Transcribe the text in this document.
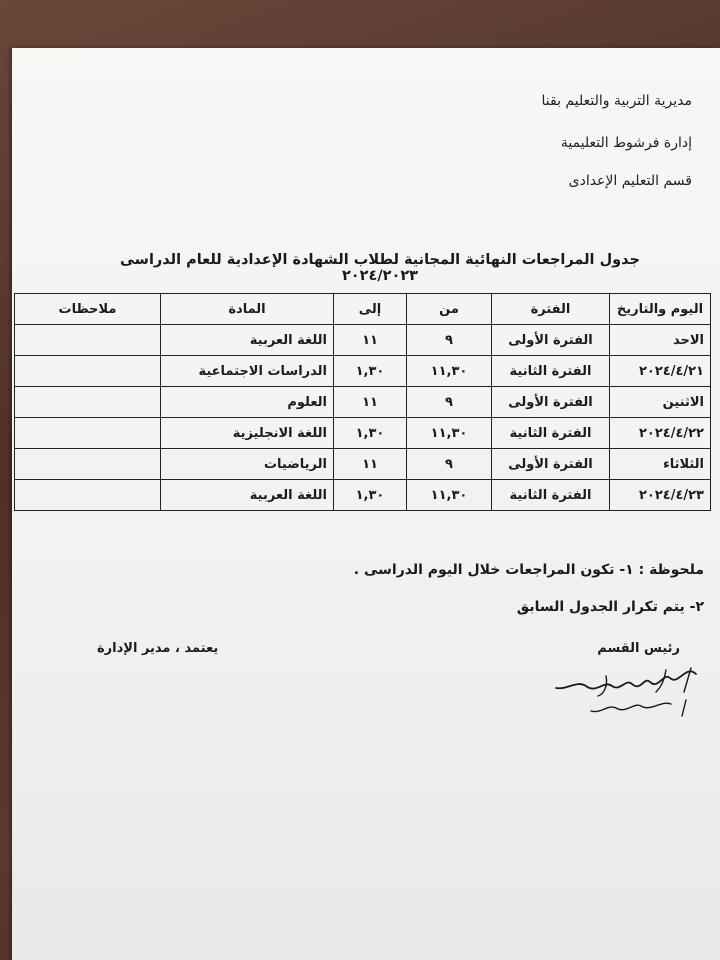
مديرية التربية والتعليم بقنا
إدارة فرشوط التعليمية
قسم التعليم الإعدادى
جدول المراجعات النهائية المجانية لطلاب الشهادة الإعدادية للعام الدراسى ٢٠٢٤/٢٠٢٣
اليوم والتاريخ	الفترة	من	إلى	المادة	ملاحظات
الاحد	الفترة الأولى	٩	١١	اللغة العربية	
٢٠٢٤/٤/٢١	الفترة الثانية	١١,٣٠	١,٣٠	الدراسات الاجتماعية	
الاثنين	الفترة الأولى	٩	١١	العلوم	
٢٠٢٤/٤/٢٢	الفترة الثانية	١١,٣٠	١,٣٠	اللغة الانجليزية	
الثلاثاء	الفترة الأولى	٩	١١	الرياضيات	
٢٠٢٤/٤/٢٣	الفترة الثانية	١١,٣٠	١,٣٠	اللغة العربية	
ملحوظة : ١- تكون المراجعات خلال اليوم الدراسى .
٢- يتم تكرار الجدول السابق
رئيس القسم
يعتمد ، مدير الإدارة
